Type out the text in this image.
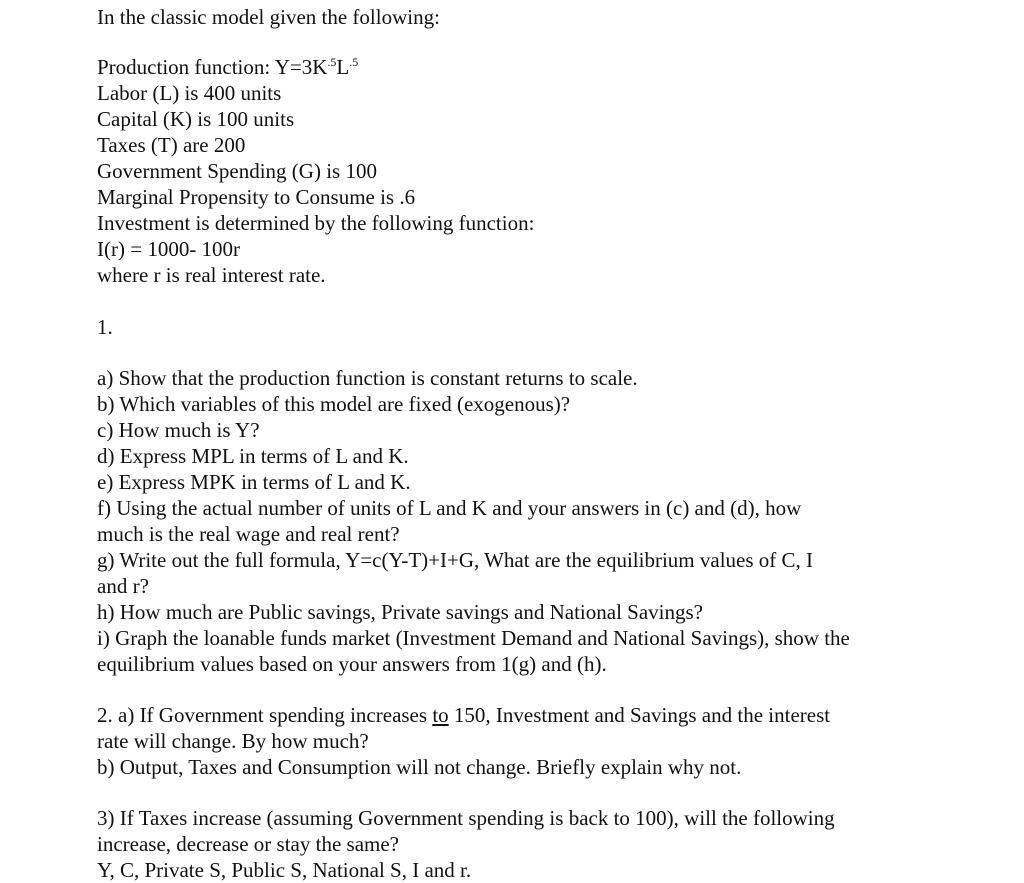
In the classic model given the following:
Production function: $Y=3K^{.5}L^{.5}$
Labor (L) is 400 units
Capital (K) is 100 units
Taxes (T) are 200
Government Spending (G) is 100
Marginal Propensity to Consume is .6
Investment is determined by the following function:
I(r) = 1000- 100r
where r is real interest rate.
1.
a) Show that the production function is constant returns to scale.
b) Which variables of this model are fixed (exogenous)?
c) How much is Y?
d) Express MPL in terms of L and K.
e) Express MPK in terms of L and K.
f) Using the actual number of units of L and K and your answers in (c) and (d), how
much is the real wage and real rent?
g) Write out the full formula, Y=c(Y-T)+I+G, What are the equilibrium values of C, I
and r?
h) How much are Public savings, Private savings and National Savings?
i) Graph the loanable funds market (Investment Demand and National Savings), show the
equilibrium values based on your answers from 1(g) and (h).
2. a) If Government spending increases to 150, Investment and Savings and the interest
rate will change. By how much?
b) Output, Taxes and Consumption will not change. Briefly explain why not.
3) If Taxes increase (assuming Government spending is back to 100), will the following
increase, decrease or stay the same?
Y, C, Private S, Public S, National S, I and r.
